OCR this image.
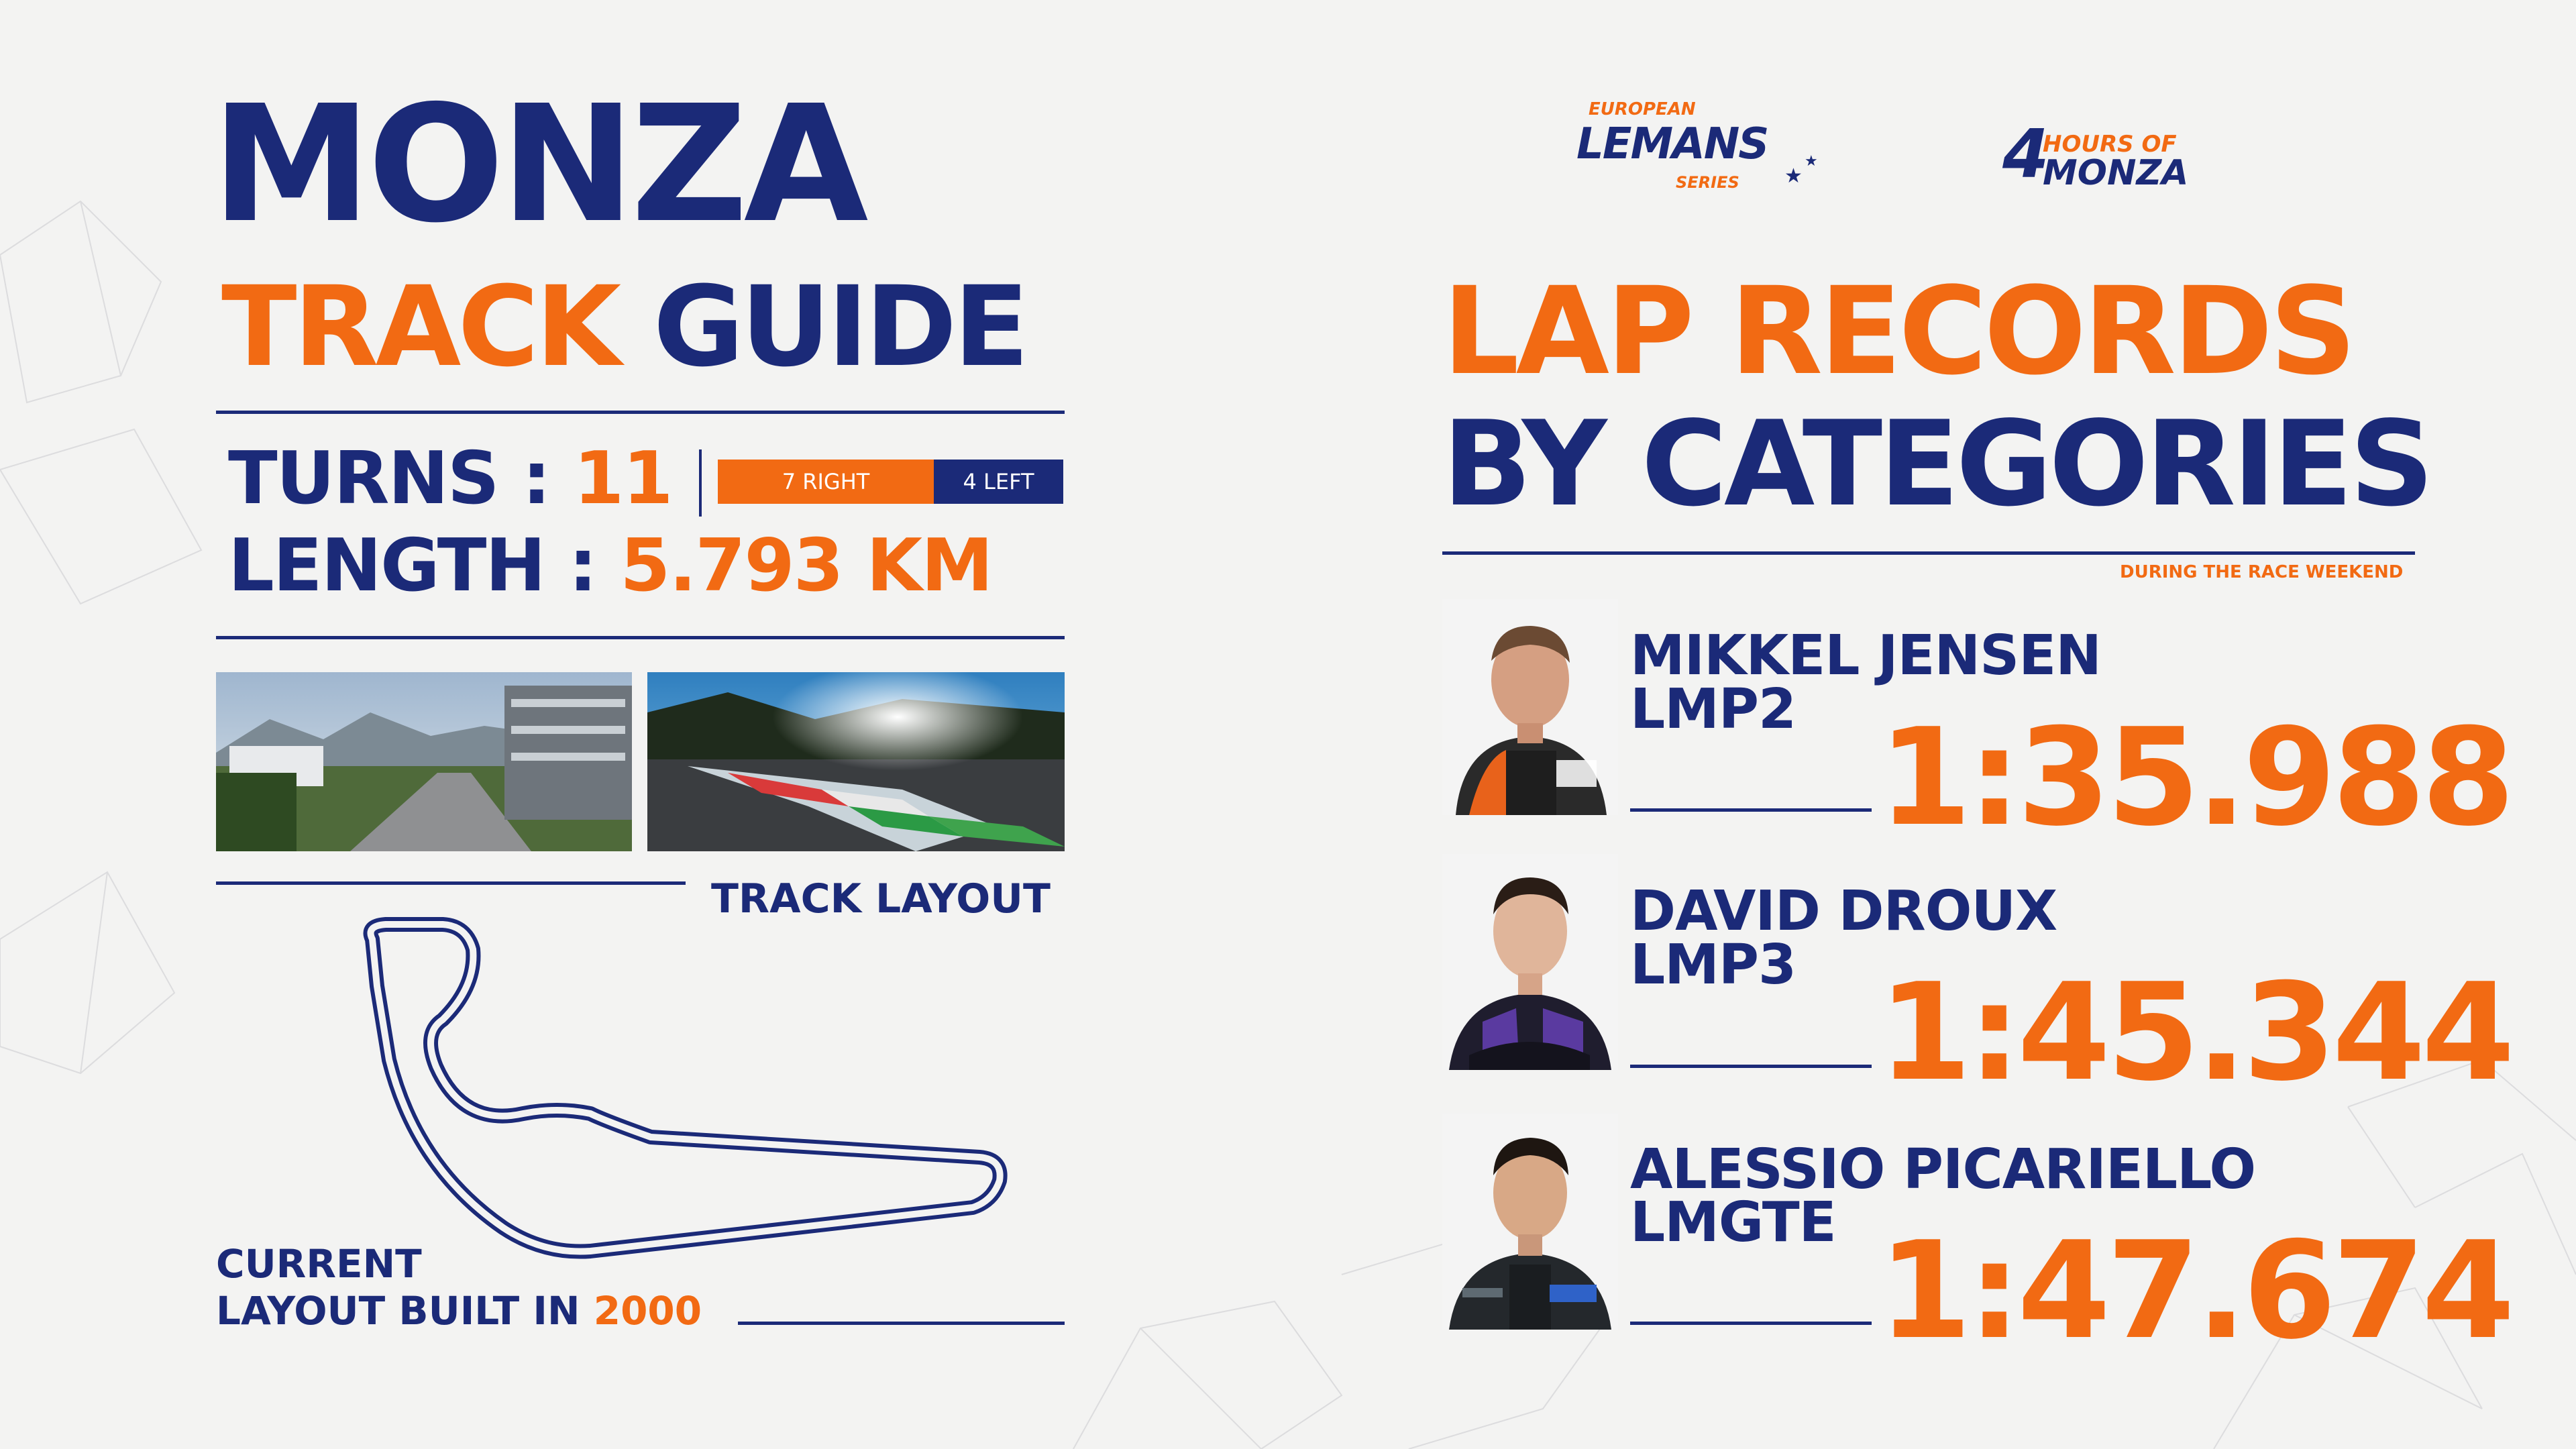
EUROPEAN
LEMANS
SERIES ★
★	4
HOURS OF
MONZA
MONZA
TRACK GUIDE
TURNS : 11	7 RIGHT	4 LEFT
LENGTH : 5.793 KM
TRACK LAYOUT
CURRENT
LAYOUT BUILT IN 2000
LAP RECORDS
BY CATEGORIES
DURING THE RACE WEEKEND
MIKKEL JENSEN
LMP2 1:35.988
DAVID DROUX
LMP3 1:45.344
ALESSIO PICARIELLO
LMGTE 1:47.674
